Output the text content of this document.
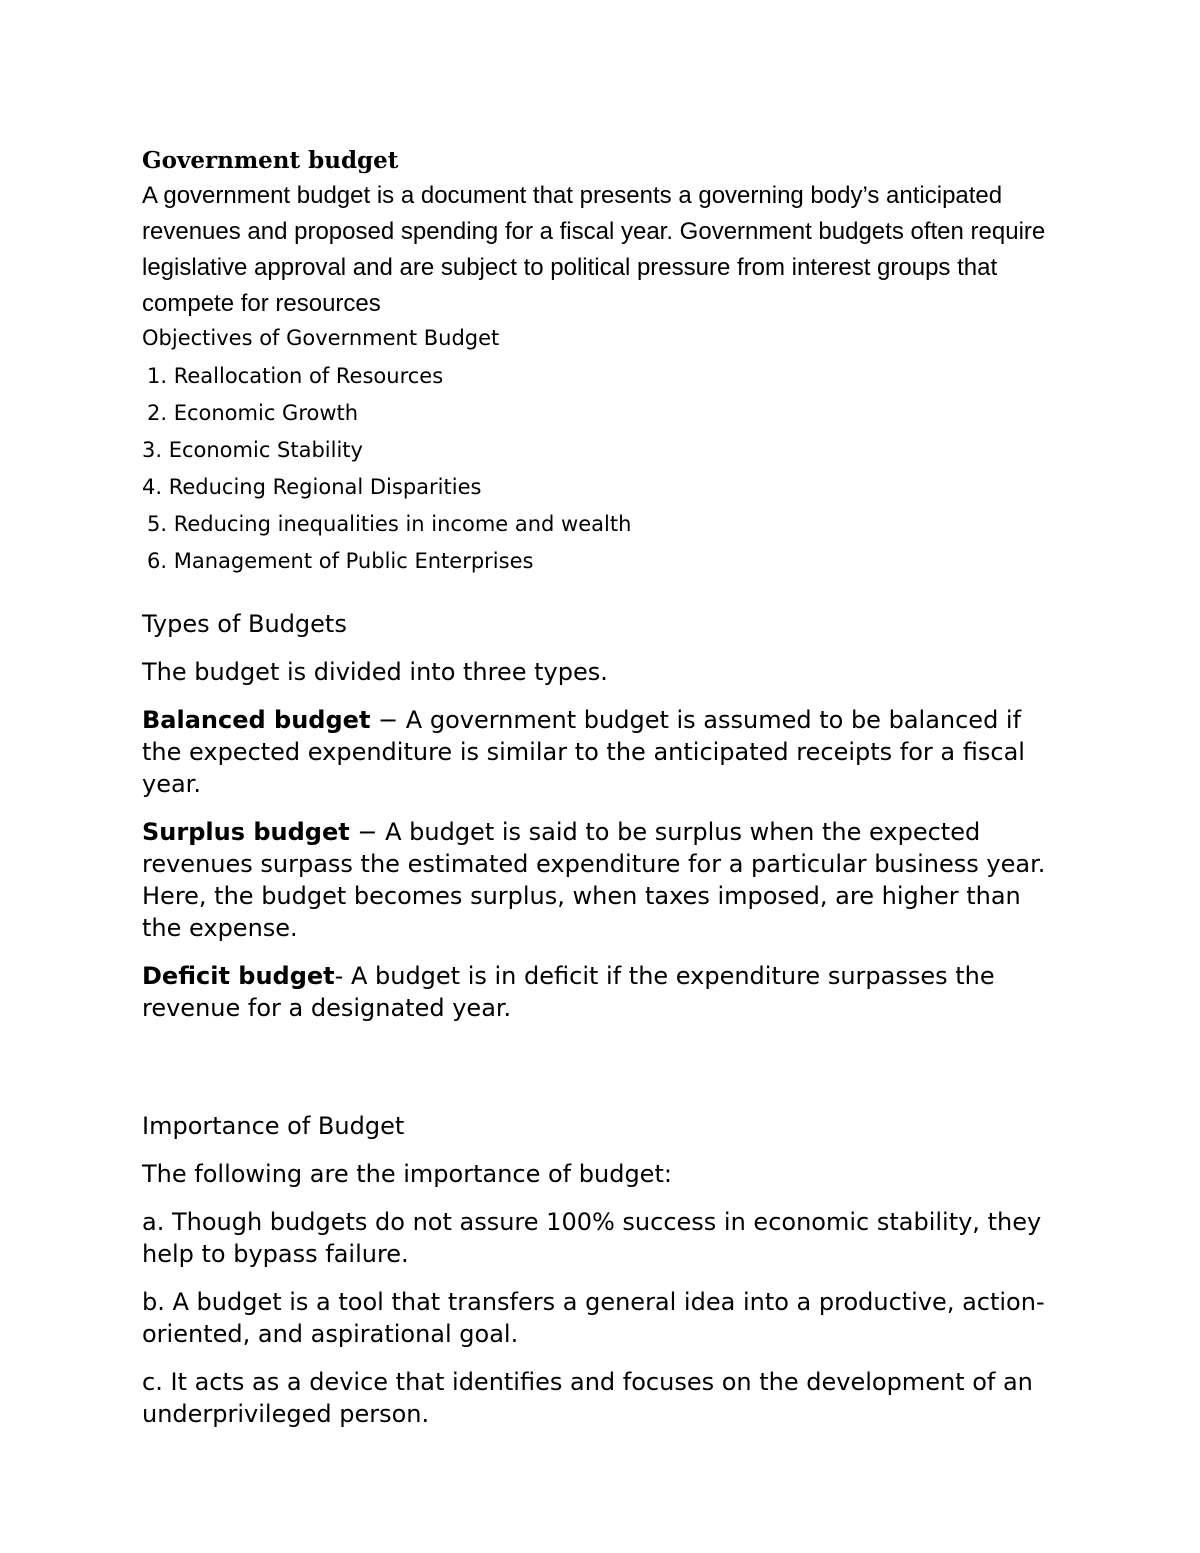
Government budget

A government budget is a document that presents a governing body’s anticipated revenues and proposed spending for a fiscal year. Government budgets often require legislative approval and are subject to political pressure from interest groups that compete for resources

Objectives of Government Budget

1. Reallocation of Resources
2. Economic Growth
3. Economic Stability
4. Reducing Regional Disparities
5. Reducing inequalities in income and wealth
6. Management of Public Enterprises

Types of Budgets

The budget is divided into three types.

Balanced budget − A government budget is assumed to be balanced if the expected expenditure is similar to the anticipated receipts for a fiscal year.

Surplus budget − A budget is said to be surplus when the expected revenues surpass the estimated expenditure for a particular business year. Here, the budget becomes surplus, when taxes imposed, are higher than the expense.

Deficit budget- A budget is in deficit if the expenditure surpasses the revenue for a designated year.

Importance of Budget

The following are the importance of budget:

a. Though budgets do not assure 100% success in economic stability, they help to bypass failure.

b. A budget is a tool that transfers a general idea into a productive, action-oriented, and aspirational goal.

c. It acts as a device that identifies and focuses on the development of an underprivileged person.
